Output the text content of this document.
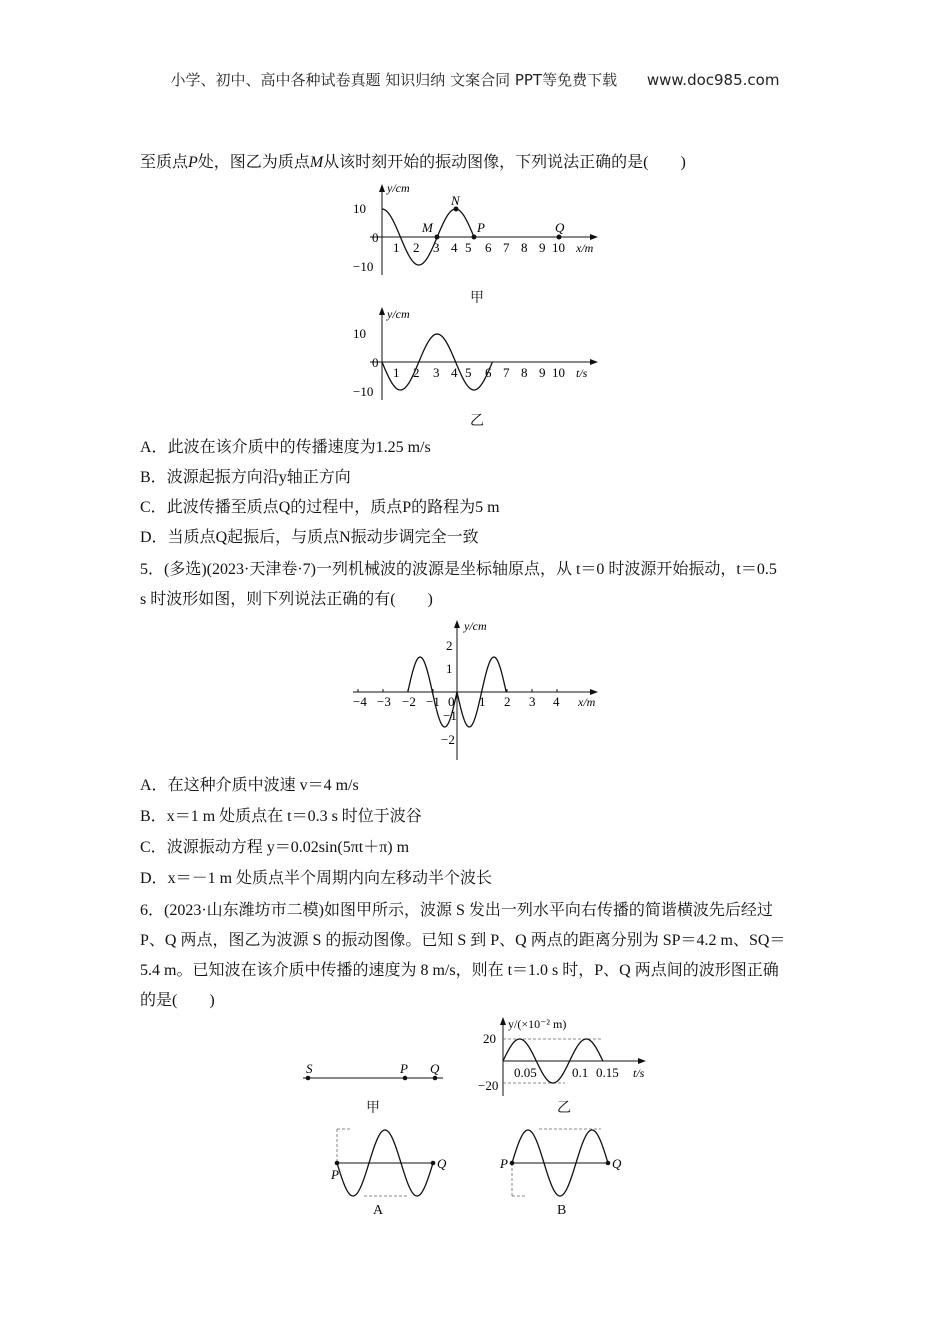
小学、初中、高中各种试卷真题 知识归纳 文案合同 PPT等免费下载 www.doc985.com
至质点P处，图乙为质点M从该时刻开始的振动图像，下列说法正确的是(　　)
y/cm
10
0
−10
1 2 3 4 5 6 7 8 9 10 x/m
M
N
P	Q
甲
y/cm
10
0
−10
1 2 3 4 5 6 7 8 9 10 t/s
乙
A．此波在该介质中的传播速度为1.25 m/s
B．波源起振方向沿y轴正方向
C．此波传播至质点Q的过程中，质点P的路程为5 m
D．当质点Q起振后，与质点N振动步调完全一致
5．(多选)(2023·天津卷·7)一列机械波的波源是坐标轴原点，从 t＝0 时波源开始振动，t＝0.5
s 时波形如图，则下列说法正确的有(　　)
y/cm
2
1
−1
−2
−4 −3 −2 −1 0 1 2 3 4 x/m
A．在这种介质中波速 v＝4 m/s
B．x＝1 m 处质点在 t＝0.3 s 时位于波谷
C．波源振动方程 y＝0.02sin(5πt＋π) m
D．x＝－1 m 处质点半个周期内向左移动半个波长
6．(2023·山东潍坊市二模)如图甲所示，波源 S 发出一列水平向右传播的简谐横波先后经过
P、Q 两点，图乙为波源 S 的振动图像。已知 S 到 P、Q 两点的距离分别为 SP＝4.2 m、SQ＝
5.4 m。已知波在该介质中传播的速度为 8 m/s，则在 t＝1.0 s 时，P、Q 两点间的波形图正确
的是(　　)
S	P Q
甲
y/(×10⁻² m)
20
−20
0.05	0.1 0.15 t/s
乙
P
Q
A
P	Q
B
